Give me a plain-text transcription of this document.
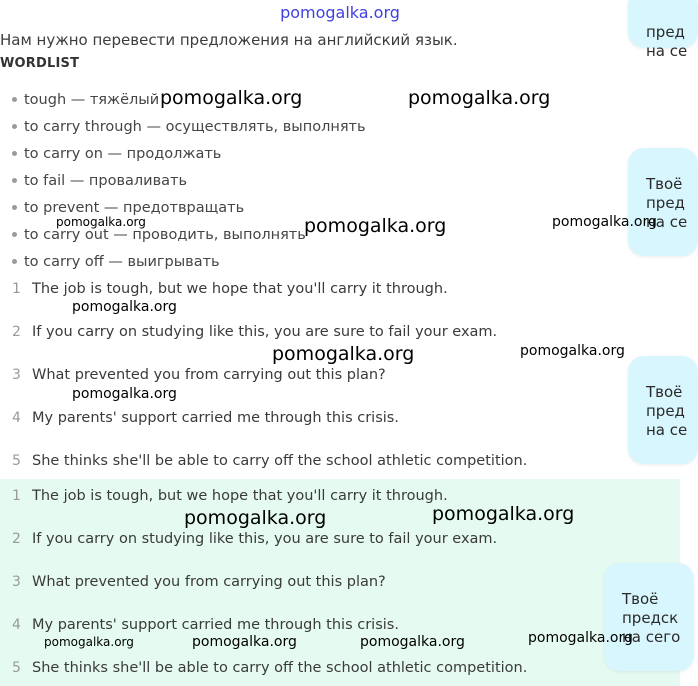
pomogalka.org
Нам нужно перевести предложения на английский язык.
WORDLIST
tough — тяжёлый
to carry through — осуществлять, выполнять
to carry on — продолжать
to fail — проваливать
to prevent — предотвращать
to carry out — проводить, выполнять
to carry off — выигрывать
1 The job is tough, but we hope that you'll carry it through.
2 If you carry on studying like this, you are sure to fail your exam.
3 What prevented you from carrying out this plan?
4 My parents' support carried me through this crisis.
5 She thinks she'll be able to carry off the school athletic competition.
1 The job is tough, but we hope that you'll carry it through.
2 If you carry on studying like this, you are sure to fail your exam.
3 What prevented you from carrying out this plan?
4 My parents' support carried me through this crisis.
5 She thinks she'll be able to carry off the school athletic competition.
пред
на се
Твоё
пред
на се
Твоё
пред
на се
Твоё
предск
на сего
pomogalka.org	pomogalka.org
pomogalka.org
pomogalka.org	pomogalka.org
pomogalka.org
pomogalka.org	pomogalka.org
pomogalka.org
pomogalka.org	pomogalka.org
pomogalka.org	pomogalka.org	pomogalka.org	pomogalka.org
